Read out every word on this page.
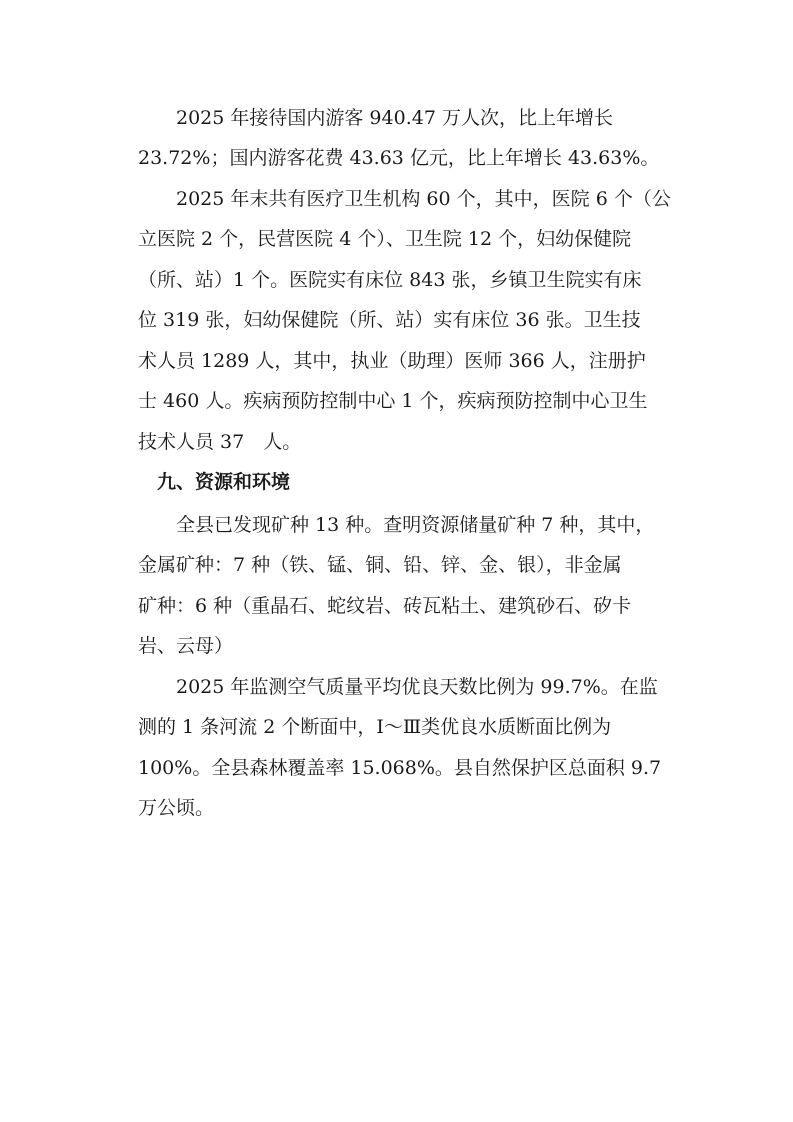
2025 年接待国内游客 940.47 万人次，比上年增长

23.72%；国内游客花费 43.63 亿元，比上年增长 43.63%。

2025 年末共有医疗卫生机构 60 个，其中，医院 6 个（公

立医院 2 个，民营医院 4 个）、卫生院 12 个，妇幼保健院

（所、站）1 个。医院实有床位 843 张，乡镇卫生院实有床

位 319 张，妇幼保健院（所、站）实有床位 36 张。卫生技

术人员 1289 人，其中，执业（助理）医师 366 人，注册护

士 460 人。疾病预防控制中心 1 个，疾病预防控制中心卫生

技术人员 37　人。

九、资源和环境

全县已发现矿种 13 种。查明资源储量矿种 7 种，其中，

金属矿种：7 种（铁、锰、铜、铅、锌、金、银），非金属

矿种：6 种（重晶石、蛇纹岩、砖瓦粘土、建筑砂石、矽卡

岩、云母）

2025 年监测空气质量平均优良天数比例为 99.7%。在监

测的 1 条河流 2 个断面中，Ⅰ～Ⅲ类优良水质断面比例为

100%。全县森林覆盖率 15.068%。县自然保护区总面积 9.7

万公顷。
